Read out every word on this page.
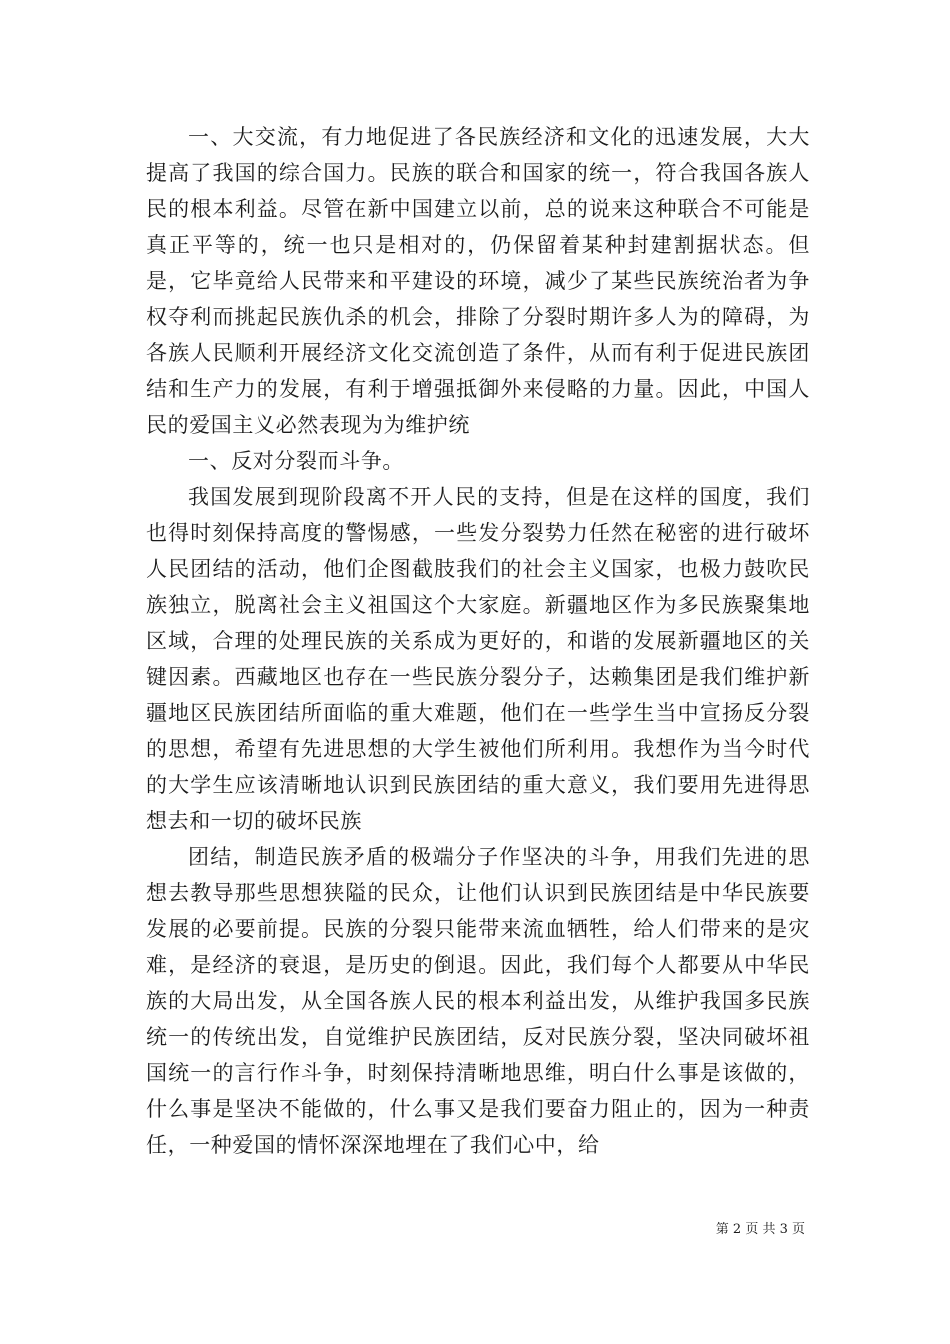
一、大交流，有力地促进了各民族经济和文化的迅速发展，大大提高了我国的综合国力。民族的联合和国家的统一，符合我国各族人民的根本利益。尽管在新中国建立以前，总的说来这种联合不可能是真正平等的，统一也只是相对的，仍保留着某种封建割据状态。但是，它毕竟给人民带来和平建设的环境，减少了某些民族统治者为争权夺利而挑起民族仇杀的机会，排除了分裂时期许多人为的障碍，为各族人民顺利开展经济文化交流创造了条件，从而有利于促进民族团结和生产力的发展，有利于增强抵御外来侵略的力量。因此，中国人民的爱国主义必然表现为为维护统

一、反对分裂而斗争。

我国发展到现阶段离不开人民的支持，但是在这样的国度，我们也得时刻保持高度的警惕感，一些发分裂势力任然在秘密的进行破坏人民团结的活动，他们企图截肢我们的社会主义国家，也极力鼓吹民族独立，脱离社会主义祖国这个大家庭。新疆地区作为多民族聚集地区域，合理的处理民族的关系成为更好的，和谐的发展新疆地区的关键因素。西藏地区也存在一些民族分裂分子，达赖集团是我们维护新疆地区民族团结所面临的重大难题，他们在一些学生当中宣扬反分裂的思想，希望有先进思想的大学生被他们所利用。我想作为当今时代的大学生应该清晰地认识到民族团结的重大意义，我们要用先进得思想去和一切的破坏民族

团结，制造民族矛盾的极端分子作坚决的斗争，用我们先进的思想去教导那些思想狭隘的民众，让他们认识到民族团结是中华民族要发展的必要前提。民族的分裂只能带来流血牺牲，给人们带来的是灾难，是经济的衰退，是历史的倒退。因此，我们每个人都要从中华民族的大局出发，从全国各族人民的根本利益出发，从维护我国多民族统一的传统出发，自觉维护民族团结，反对民族分裂，坚决同破坏祖国统一的言行作斗争，时刻保持清晰地思维，明白什么事是该做的，什么事是坚决不能做的，什么事又是我们要奋力阻止的，因为一种责任，一种爱国的情怀深深地埋在了我们心中，给

第 2 页 共 3 页
